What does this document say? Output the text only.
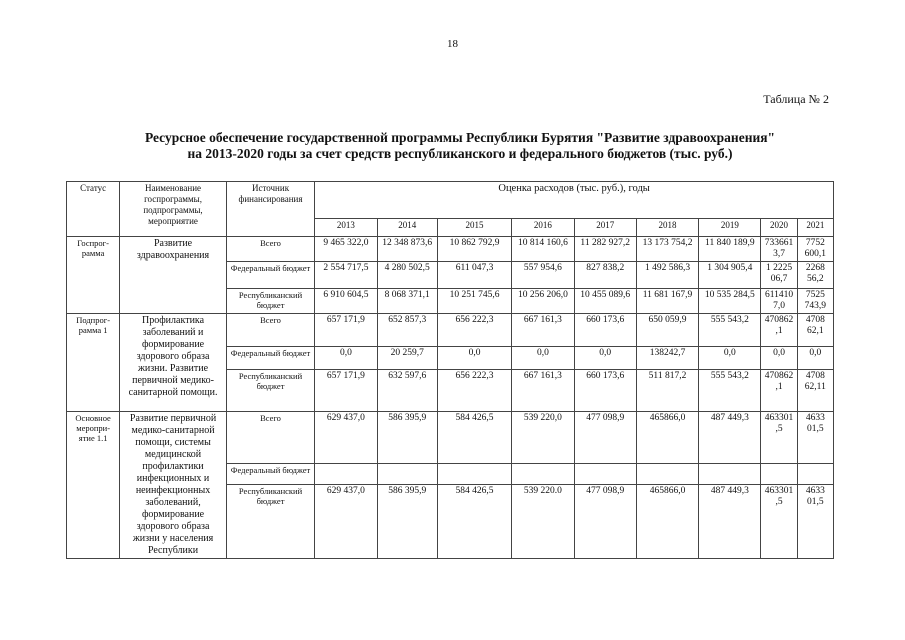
18
Таблица № 2
Ресурсное обеспечение государственной программы Республики Бурятия "Развитие здравоохранения"
на 2013-2020 годы за счет средств республиканского и федерального бюджетов (тыс. руб.)
Статус	Наименование госпрограммы, подпрограммы, мероприятие	Источник финансирования	Оценка расходов (тыс. руб.), годы								
			2013	2014	2015	2016	2017	2018	2019	2020	2021
Госпрог-рамма	Развитие здравоохранения	Всего	9 465 322,0	12 348 873,6	10 862 792,9	10 814 160,6	11 282 927,2	13 173 754,2	11 840 189,9	733661 3,7	7752 600,1
		Федеральный бюджет	2 554 717,5	4 280 502,5	611 047,3	557 954,6	827 838,2	1 492 586,3	1 304 905,4	1 2225 06,7	2268 56,2
		Республиканский бюджет	6 910 604,5	8 068 371,1	10 251 745,6	10 256 206,0	10 455 089,6	11 681 167,9	10 535 284,5	611410 7,0	7525 743,9
Подпрог-рамма 1	Профилактика заболеваний и формирование здорового образа жизни. Развитие первичной медико-санитарной помощи.	Всего	657 171,9	652 857,3	656 222,3	667 161,3	660 173,6	650 059,9	555 543,2	470862 ,1	4708 62,1
		Федеральный бюджет	0,0	20 259,7	0,0	0,0	0,0	138242,7	0,0	0,0	0,0
		Республиканский бюджет	657 171,9	632 597,6	656 222,3	667 161,3	660 173,6	511 817,2	555 543,2	470862 ,1	4708 62,11
Основное меропри-ятие 1.1	Развитие первичной медико-санитарной помощи, системы медицинской профилактики инфекционных и неинфекционных заболеваний, формирование здорового образа жизни у населения Республики	Всего	629 437,0	586 395,9	584 426,5	539 220,0	477 098,9	465866,0	487 449,3	463301 ,5	4633 01,5
		Федеральный бюджет									
		Республиканский бюджет	629 437,0	586 395,9	584 426,5	539 220.0	477 098,9	465866,0	487 449,3	463301 ,5	4633 01,5
